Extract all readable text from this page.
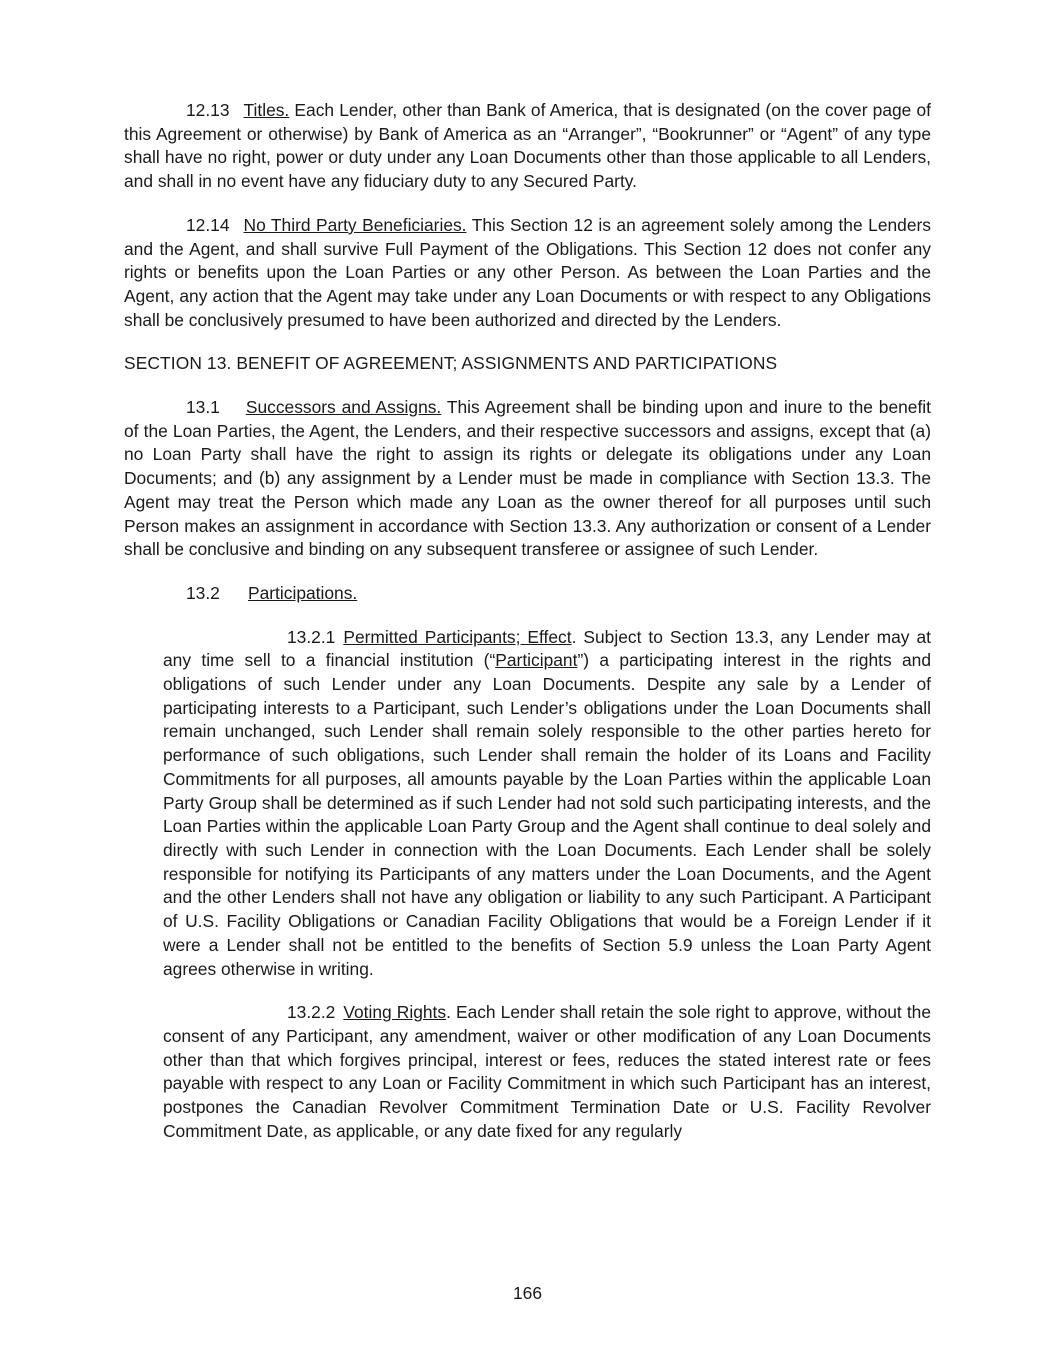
12.13 Titles. Each Lender, other than Bank of America, that is designated (on the cover page of this Agreement or otherwise) by Bank of America as an “Arranger”, “Bookrunner” or “Agent” of any type shall have no right, power or duty under any Loan Documents other than those applicable to all Lenders, and shall in no event have any fiduciary duty to any Secured Party.

12.14 No Third Party Beneficiaries. This Section 12 is an agreement solely among the Lenders and the Agent, and shall survive Full Payment of the Obligations. This Section 12 does not confer any rights or benefits upon the Loan Parties or any other Person. As between the Loan Parties and the Agent, any action that the Agent may take under any Loan Documents or with respect to any Obligations shall be conclusively presumed to have been authorized and directed by the Lenders.

SECTION 13. BENEFIT OF AGREEMENT; ASSIGNMENTS AND PARTICIPATIONS

13.1 Successors and Assigns. This Agreement shall be binding upon and inure to the benefit of the Loan Parties, the Agent, the Lenders, and their respective successors and assigns, except that (a) no Loan Party shall have the right to assign its rights or delegate its obligations under any Loan Documents; and (b) any assignment by a Lender must be made in compliance with Section 13.3. The Agent may treat the Person which made any Loan as the owner thereof for all purposes until such Person makes an assignment in accordance with Section 13.3. Any authorization or consent of a Lender shall be conclusive and binding on any subsequent transferee or assignee of such Lender.

13.2 Participations.

13.2.1 Permitted Participants; Effect. Subject to Section 13.3, any Lender may at any time sell to a financial institution (“Participant”) a participating interest in the rights and obligations of such Lender under any Loan Documents. Despite any sale by a Lender of participating interests to a Participant, such Lender’s obligations under the Loan Documents shall remain unchanged, such Lender shall remain solely responsible to the other parties hereto for performance of such obligations, such Lender shall remain the holder of its Loans and Facility Commitments for all purposes, all amounts payable by the Loan Parties within the applicable Loan Party Group shall be determined as if such Lender had not sold such participating interests, and the Loan Parties within the applicable Loan Party Group and the Agent shall continue to deal solely and directly with such Lender in connection with the Loan Documents. Each Lender shall be solely responsible for notifying its Participants of any matters under the Loan Documents, and the Agent and the other Lenders shall not have any obligation or liability to any such Participant. A Participant of U.S. Facility Obligations or Canadian Facility Obligations that would be a Foreign Lender if it were a Lender shall not be entitled to the benefits of Section 5.9 unless the Loan Party Agent agrees otherwise in writing.

13.2.2 Voting Rights. Each Lender shall retain the sole right to approve, without the consent of any Participant, any amendment, waiver or other modification of any Loan Documents other than that which forgives principal, interest or fees, reduces the stated interest rate or fees payable with respect to any Loan or Facility Commitment in which such Participant has an interest, postpones the Canadian Revolver Commitment Termination Date or U.S. Facility Revolver Commitment Date, as applicable, or any date fixed for any regularly

166
